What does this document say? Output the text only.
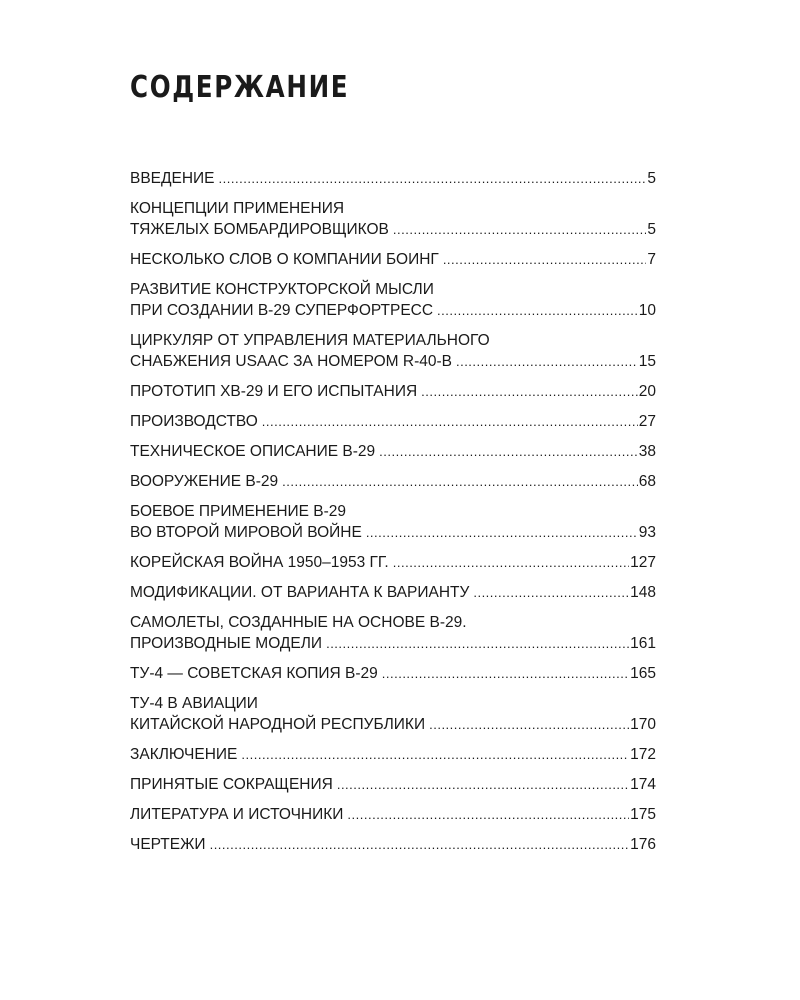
СОДЕРЖАНИЕ
ВВЕДЕНИЕ .....	5
КОНЦЕПЦИИ ПРИМЕНЕНИЯ
ТЯЖЕЛЫХ БОМБАРДИРОВЩИКОВ .....	5
НЕСКОЛЬКО СЛОВ О КОМПАНИИ БОИНГ .....	7
РАЗВИТИЕ КОНСТРУКТОРСКОЙ МЫСЛИ
ПРИ СОЗДАНИИ B-29 СУПЕРФОРТРЕСС .....	10
ЦИРКУЛЯР ОТ УПРАВЛЕНИЯ МАТЕРИАЛЬНОГО
СНАБЖЕНИЯ USAAC ЗА НОМЕРОМ R-40-B .....	15
ПРОТОТИП XB-29 И ЕГО ИСПЫТАНИЯ .....	20
ПРОИЗВОДСТВО .....	27
ТЕХНИЧЕСКОЕ ОПИСАНИЕ B-29 .....	38
ВООРУЖЕНИЕ B-29 .....	68
БОЕВОЕ ПРИМЕНЕНИЕ B-29
ВО ВТОРОЙ МИРОВОЙ ВОЙНЕ .....	93
КОРЕЙСКАЯ ВОЙНА 1950–1953 ГГ. .....	127
МОДИФИКАЦИИ. ОТ ВАРИАНТА К ВАРИАНТУ .....	148
САМОЛЕТЫ, СОЗДАННЫЕ НА ОСНОВЕ B-29.
ПРОИЗВОДНЫЕ МОДЕЛИ .....	161
ТУ-4 — СОВЕТСКАЯ КОПИЯ B-29 .....	165
ТУ-4 В АВИАЦИИ
КИТАЙСКОЙ НАРОДНОЙ РЕСПУБЛИКИ .....	170
ЗАКЛЮЧЕНИЕ .....	172
ПРИНЯТЫЕ СОКРАЩЕНИЯ .....	174
ЛИТЕРАТУРА И ИСТОЧНИКИ .....	175
ЧЕРТЕЖИ .....	176
